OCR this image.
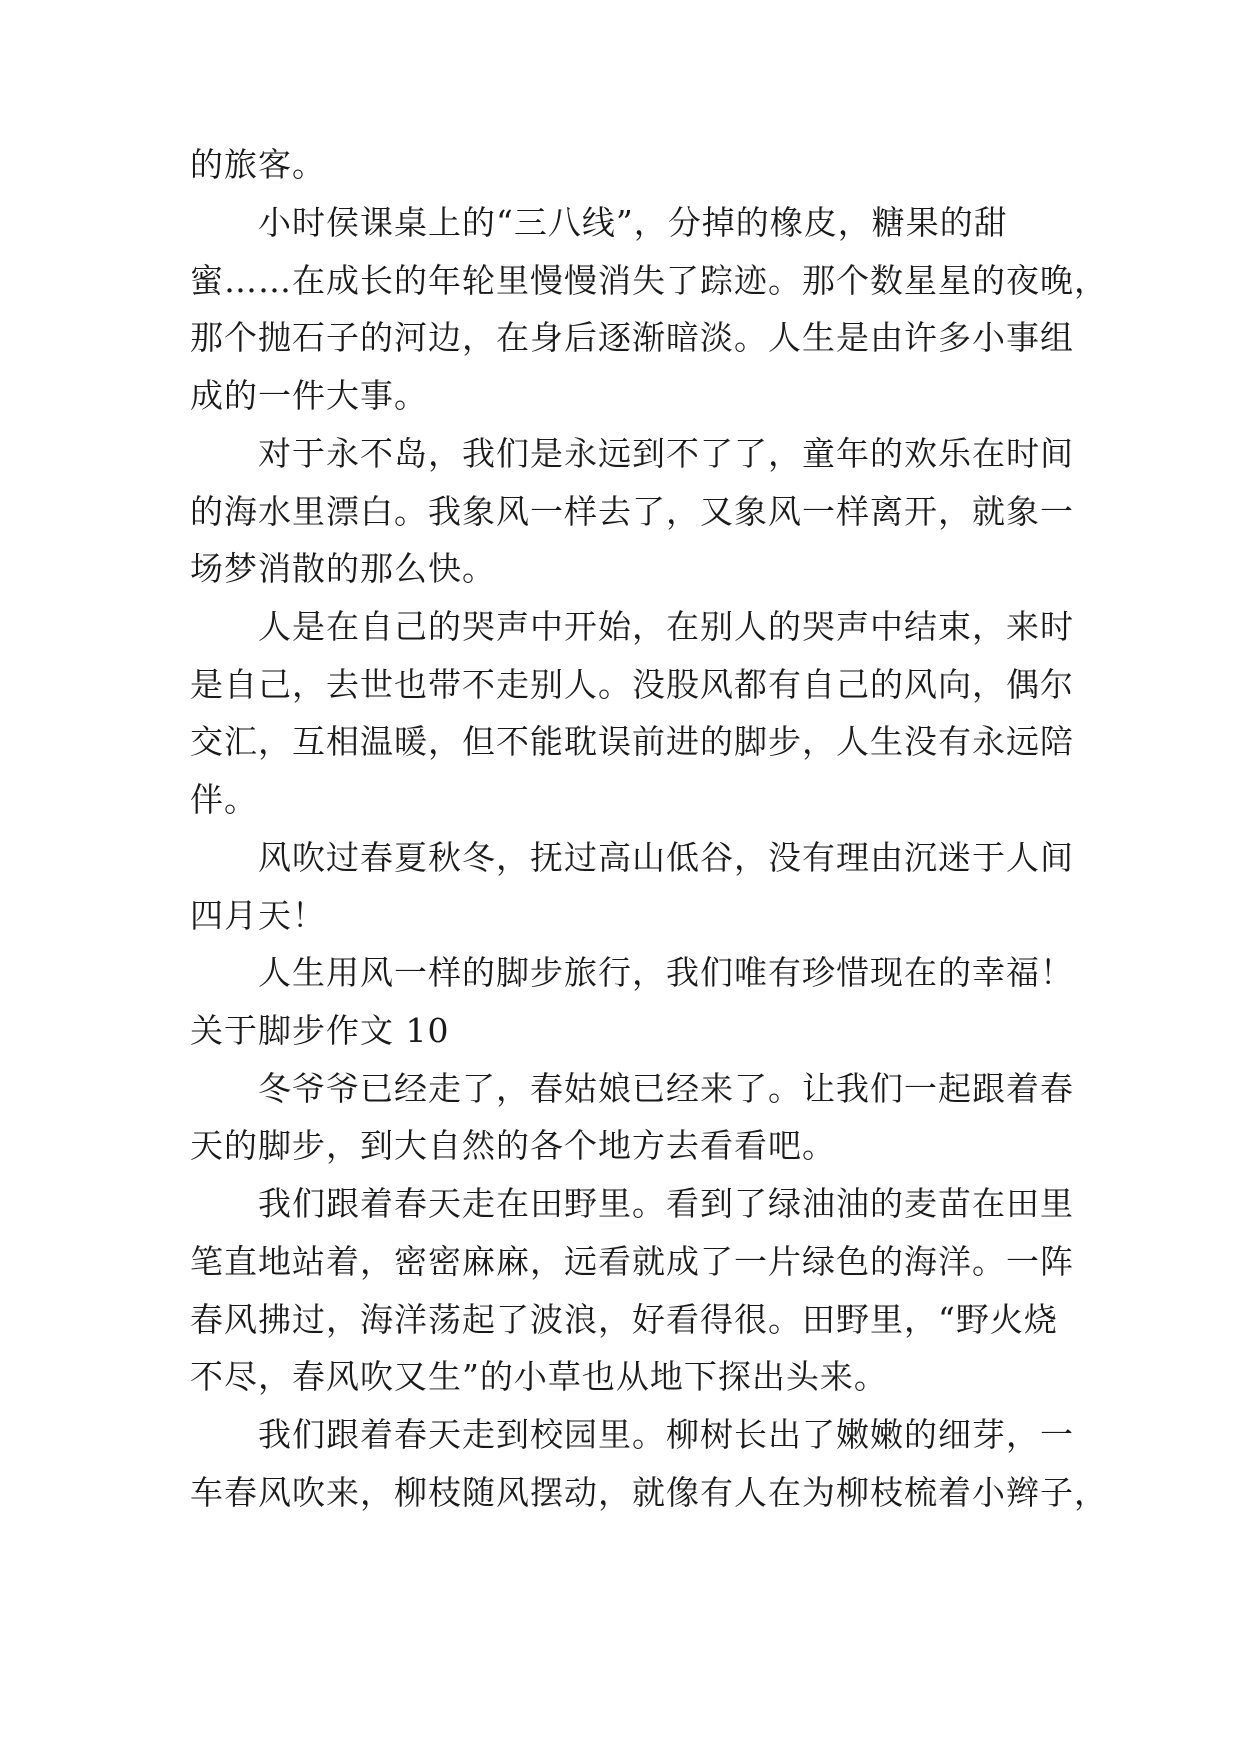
的旅客。
小时侯课桌上的“三八线”，分掉的橡皮，糖果的甜
蜜……在成长的年轮里慢慢消失了踪迹。那个数星星的夜晚，
那个抛石子的河边，在身后逐渐暗淡。人生是由许多小事组
成的一件大事。
对于永不岛，我们是永远到不了了，童年的欢乐在时间
的海水里漂白。我象风一样去了，又象风一样离开，就象一
场梦消散的那么快。
人是在自己的哭声中开始，在别人的哭声中结束，来时
是自己，去世也带不走别人。没股风都有自己的风向，偶尔
交汇，互相温暖，但不能耽误前进的脚步，人生没有永远陪
伴。
风吹过春夏秋冬，抚过高山低谷，没有理由沉迷于人间
四月天！
人生用风一样的脚步旅行，我们唯有珍惜现在的幸福！
关于脚步作文 10
冬爷爷已经走了，春姑娘已经来了。让我们一起跟着春
天的脚步，到大自然的各个地方去看看吧。
我们跟着春天走在田野里。看到了绿油油的麦苗在田里
笔直地站着，密密麻麻，远看就成了一片绿色的海洋。一阵
春风拂过，海洋荡起了波浪，好看得很。田野里，“野火烧
不尽，春风吹又生”的小草也从地下探出头来。
我们跟着春天走到校园里。柳树长出了嫩嫩的细芽，一
车春风吹来，柳枝随风摆动，就像有人在为柳枝梳着小辫子，
